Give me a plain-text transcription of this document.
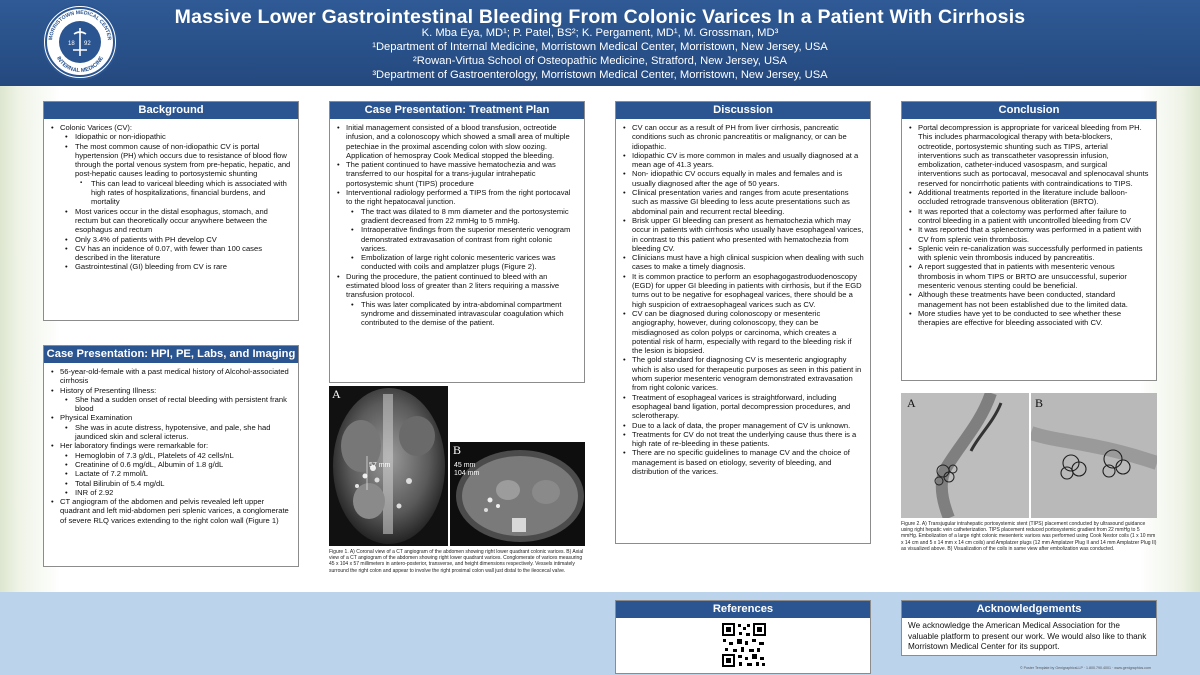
MORRISTOWN MEDICAL CENTER
INTERNAL MEDICINE
18 92
Massive Lower Gastrointestinal Bleeding From Colonic Varices In a Patient With Cirrhosis
K. Mba Eya, MD¹; P. Patel, BS²; K. Pergament, MD¹, M. Grossman, MD³
¹Department of Internal Medicine, Morristown Medical Center, Morristown, New Jersey, USA
²Rowan-Virtua School of Osteopathic Medicine, Stratford, New Jersey, USA
³Department of Gastroenterology, Morristown Medical Center, Morristown, New Jersey, USA
Background
• Colonic Varices (CV):
• Idiopathic or non-idiopathic
• The most common cause of non-idiopathic CV is portal hypertension (PH) which occurs due to resistance of blood flow through the portal venous system from pre-hepatic, hepatic, and post-hepatic causes leading to portosystemic shunting
▪ This can lead to variceal bleeding which is associated with high rates of hospitalizations, financial burdens, and mortality
• Most varices occur in the distal esophagus, stomach, and rectum but can theoretically occur anywhere between the esophagus and rectum
• Only 3.4% of patients with PH develop CV
• CV has an incidence of 0.07, with fewer than 100 cases described in the literature
• Gastrointestinal (GI) bleeding from CV is rare
Case Presentation: HPI, PE, Labs, and Imaging
• 56-year-old-female with a past medical history of Alcohol-associated cirrhosis
• History of Presenting Illness:
• She had a sudden onset of rectal bleeding with persistent frank blood
• Physical Examination
• She was in acute distress, hypotensive, and pale, she had jaundiced skin and scleral icterus.
• Her laboratory findings were remarkable for:
• Hemoglobin of 7.3 g/dL, Platelets of 42 cells/nL
• Creatinine of 0.6 mg/dL, Albumin of 1.8 g/dL
• Lactate of 7.2 mmol/L
• Total Bilirubin of 5.4 mg/dL
• INR of 2.92
• CT angiogram of the abdomen and pelvis revealed left upper quadrant and left mid-abdomen peri splenic varices, a conglomerate of severe RLQ varices extending to the right colon wall (Figure 1)
Case Presentation: Treatment Plan
• Initial management consisted of a blood transfusion, octreotide infusion, and a colonoscopy which showed a small area of multiple petechiae in the proximal ascending colon with slow oozing. Application of hemospray Cook Medical stopped the bleeding.
• The patient continued to have massive hematochezia and was transferred to our hospital for a trans-jugular intrahepatic portosystemic shunt (TIPS) procedure
• Interventional radiology performed a TIPS from the right portocaval to the right hepatocaval junction.
• The tract was dilated to 8 mm diameter and the portosystemic gradient decreased from 22 mmHg to 5 mmHg.
• Intraoperative findings from the superior mesenteric venogram demonstrated extravasation of contrast from right colonic varices.
• Embolization of large right colonic mesenteric varices was conducted with coils and amplatzer plugs (Figure 2).
• During the procedure, the patient continued to bleed with an estimated blood loss of greater than 2 liters requiring a massive transfusion protocol.
• This was later complicated by intra-abdominal compartment syndrome and disseminated intravascular coagulation which contributed to the demise of the patient.
A
57 mm
B
45 mm
104 mm
Figure 1. A) Coronal view of a CT angiogram of the abdomen showing right lower quadrant colonic varices. B) Axial view of a CT angiogram of the abdomen showing right lower quadrant varices. Conglomerate of varices measuring 45 x 104 x 57 millimeters in antero-posterior, transverse, and height dimensions respectively. Vessels intimately surround the right colon and appear to involve the right proximal colon wall just distal to the ileocecal valve.
Discussion
• CV can occur as a result of PH from liver cirrhosis, pancreatic conditions such as chronic pancreatitis or malignancy, or can be idiopathic.
• Idiopathic CV is more common in males and usually diagnosed at a mean age of 41.3 years.
• Non- idiopathic CV occurs equally in males and females and is usually diagnosed after the age of 50 years.
• Clinical presentation varies and ranges from acute presentations such as massive GI bleeding to less acute presentations such as abdominal pain and recurrent rectal bleeding.
• Brisk upper GI bleeding can present as hematochezia which may occur in patients with cirrhosis who usually have esophageal varices, in contrast to this patient who presented with hematochezia from bleeding CV.
• Clinicians must have a high clinical suspicion when dealing with such cases to make a timely diagnosis.
• It is common practice to perform an esophagogastroduodenoscopy (EGD) for upper GI bleeding in patients with cirrhosis, but if the EGD turns out to be negative for esophageal varices, there should be a high suspicion of extraesophageal varices such as CV.
• CV can be diagnosed during colonoscopy or mesenteric angiography, however, during colonoscopy, they can be misdiagnosed as colon polyps or carcinoma, which creates a potential risk of harm, especially with regard to the bleeding risk if the lesion is biopsied.
• The gold standard for diagnosing CV is mesenteric angiography which is also used for therapeutic purposes as seen in this patient in whom superior mesenteric venogram demonstrated extravasation from right colonic varices.
• Treatment of esophageal varices is straightforward, including esophageal band ligation, portal decompression procedures, and sclerotherapy.
• Due to a lack of data, the proper management of CV is unknown.
• Treatments for CV do not treat the underlying cause thus there is a high rate of re-bleeding in these patients.
• There are no specific guidelines to manage CV and the choice of management is based on etiology, severity of bleeding, and distribution of the varices.
Conclusion
• Portal decompression is appropriate for variceal bleeding from PH. This includes pharmacological therapy with beta-blockers, octreotide, portosystemic shunting such as TIPS, arterial interventions such as transcatheter vasopressin infusion, embolization, catheter-induced vasospasm, and surgical interventions such as portocaval, mesocaval and splenocaval shunts reserved for noncirrhotic patients with contraindications to TIPS.
• Additional treatments reported in the literature include balloon-occluded retrograde transvenous obliteration (BRTO).
• It was reported that a colectomy was performed after failure to control bleeding in a patient with uncontrolled bleeding from CV
• It was reported that a splenectomy was performed in a patient with CV from splenic vein thrombosis.
• Splenic vein re-canalization was successfully performed in patients with splenic vein thrombosis induced by pancreatitis.
• A report suggested that in patients with mesenteric venous thrombosis in whom TIPS or BRTO are unsuccessful, superior mesenteric venous stenting could be beneficial.
• Although these treatments have been conducted, standard management has not been established due to the limited data.
• More studies have yet to be conducted to see whether these therapies are effective for bleeding associated with CV.
A	B
Figure 2. A) Transjugular intrahepatic portosystemic stent (TIPS) placement conducted by ultrasound guidance using right hepatic vein catheterization. TIPS placement reduced portosystemic gradient from 22 mmHg to 5 mmHg. Embolization of a large right colonic mesenteric varices was performed using Cook Nestor coils (1 x 10 mm x 14 cm and 5 x 14 mm x 14 cm coils) and Amplatzer plugs (12 mm Amplatzer Plug II and 14 mm Amplatzer Plug II) as visualized above. B) Visualization of the coils in same view after embolization was conducted.
References	Acknowledgements

We acknowledge the American Medical Association for the valuable platform to present our work. We would also like to thank Morristown Medical Center for its support.

© Poster Template by GenigraphicsLLP · 1.800.790.4001 · www.genigraphics.com
